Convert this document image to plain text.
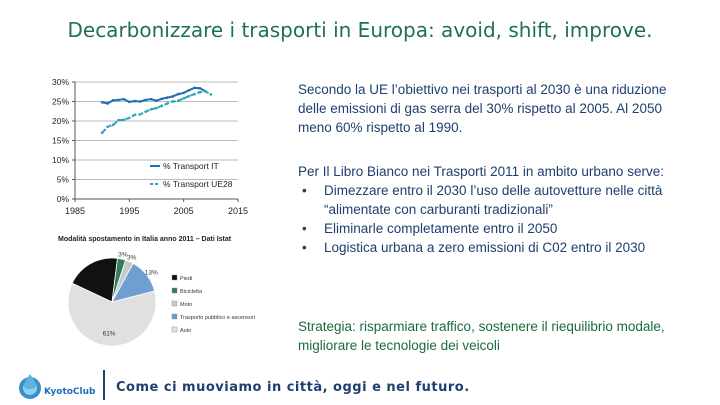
Decarbonizzare i trasporti in Europa: avoid, shift, improve.
0%
5%
10%
15%
20%
25%
30%
1985	1995	2005	2015
% Transport IT
% Transport UE28
Modalità spostamento in Italia anno 2011 – Dati Istat
3% 3%
13%
61%
Piedi
Bicicletta
Moto
Trasporto pubblico e ascensori
Auto
Secondo la UE l’obiettivo nei trasporti al 2030 è una riduzione delle emissioni di gas serra del 30% rispetto al 2005. Al 2050 meno 60% rispetto al 1990.
Per Il Libro Bianco nei Trasporti 2011 in ambito urbano serve:
• Dimezzare entro il 2030 l’uso delle autovetture nelle città “alimentate con carburanti tradizionali”
• Eliminarle completamente entro il 2050
• Logistica urbana a zero emissioni di C02 entro il 2030
Strategia: risparmiare traffico, sostenere il riequilibrio modale, migliorare le tecnologie dei veicoli
KyotoClub Come ci muoviamo in città, oggi e nel futuro.
